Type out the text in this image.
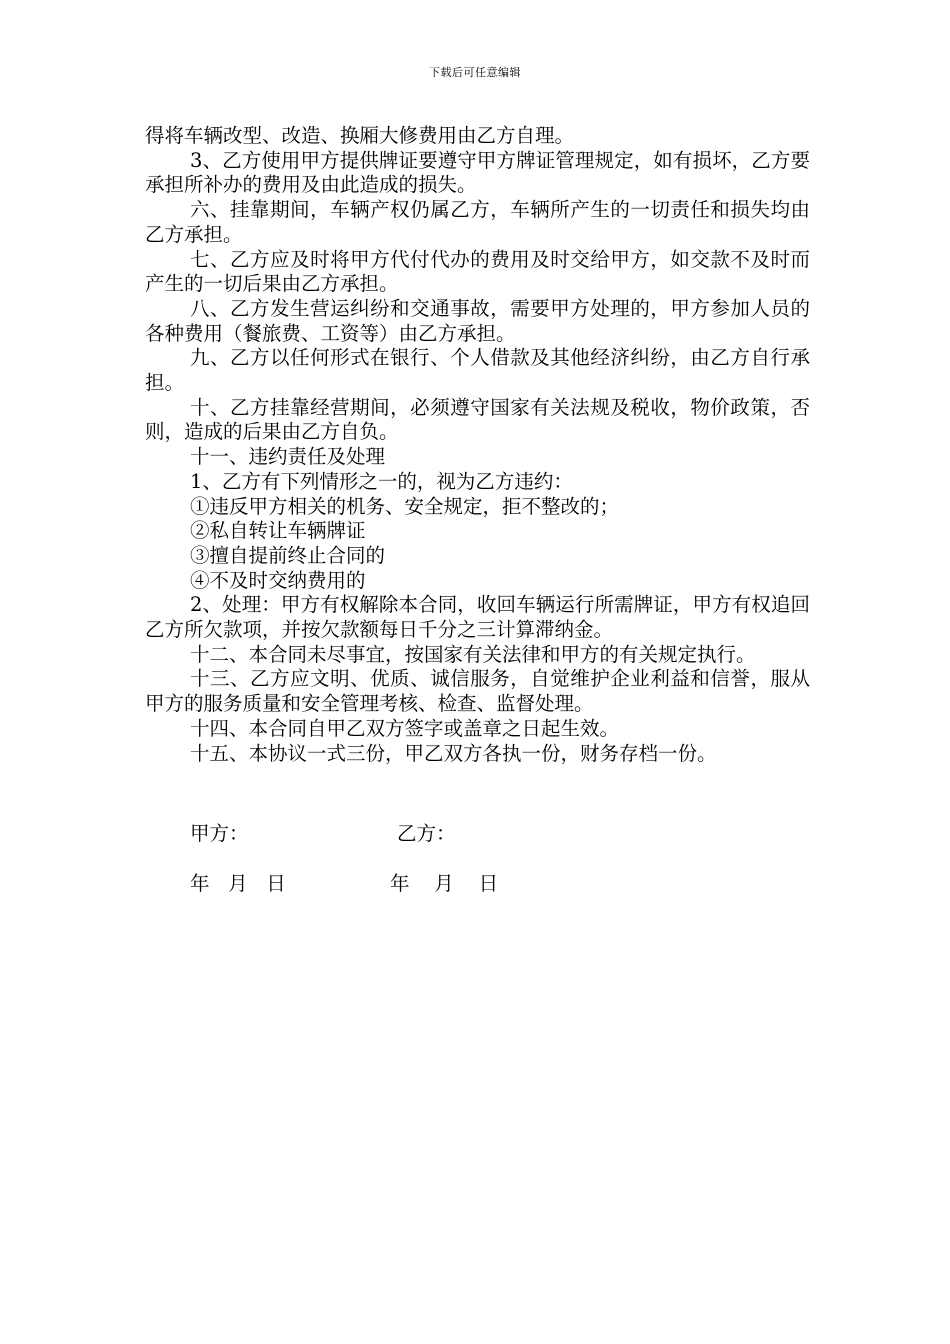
下载后可任意编辑

得将车辆改型、改造、换厢大修费用由乙方自理。

3、乙方使用甲方提供牌证要遵守甲方牌证管理规定，如有损坏，乙方要承担所补办的费用及由此造成的损失。

六、挂靠期间，车辆产权仍属乙方，车辆所产生的一切责任和损失均由乙方承担。

七、乙方应及时将甲方代付代办的费用及时交给甲方，如交款不及时而产生的一切后果由乙方承担。

八、乙方发生营运纠纷和交通事故，需要甲方处理的，甲方参加人员的各种费用（餐旅费、工资等）由乙方承担。

九、乙方以任何形式在银行、个人借款及其他经济纠纷，由乙方自行承担。

十、乙方挂靠经营期间，必须遵守国家有关法规及税收，物价政策，否则，造成的后果由乙方自负。

十一、违约责任及处理

1、乙方有下列情形之一的，视为乙方违约：

①违反甲方相关的机务、安全规定，拒不整改的；

②私自转让车辆牌证

③擅自提前终止合同的

④不及时交纳费用的

2、处理：甲方有权解除本合同，收回车辆运行所需牌证，甲方有权追回乙方所欠款项，并按欠款额每日千分之三计算滞纳金。

十二、本合同未尽事宜，按国家有关法律和甲方的有关规定执行。

十三、乙方应文明、优质、诚信服务，自觉维护企业利益和信誉，服从甲方的服务质量和安全管理考核、检查、监督处理。

十四、本合同自甲乙双方签字或盖章之日起生效。

十五、本协议一式三份，甲乙双方各执一份，财务存档一份。

甲方：	乙方：
年   月   日	年    月    日
